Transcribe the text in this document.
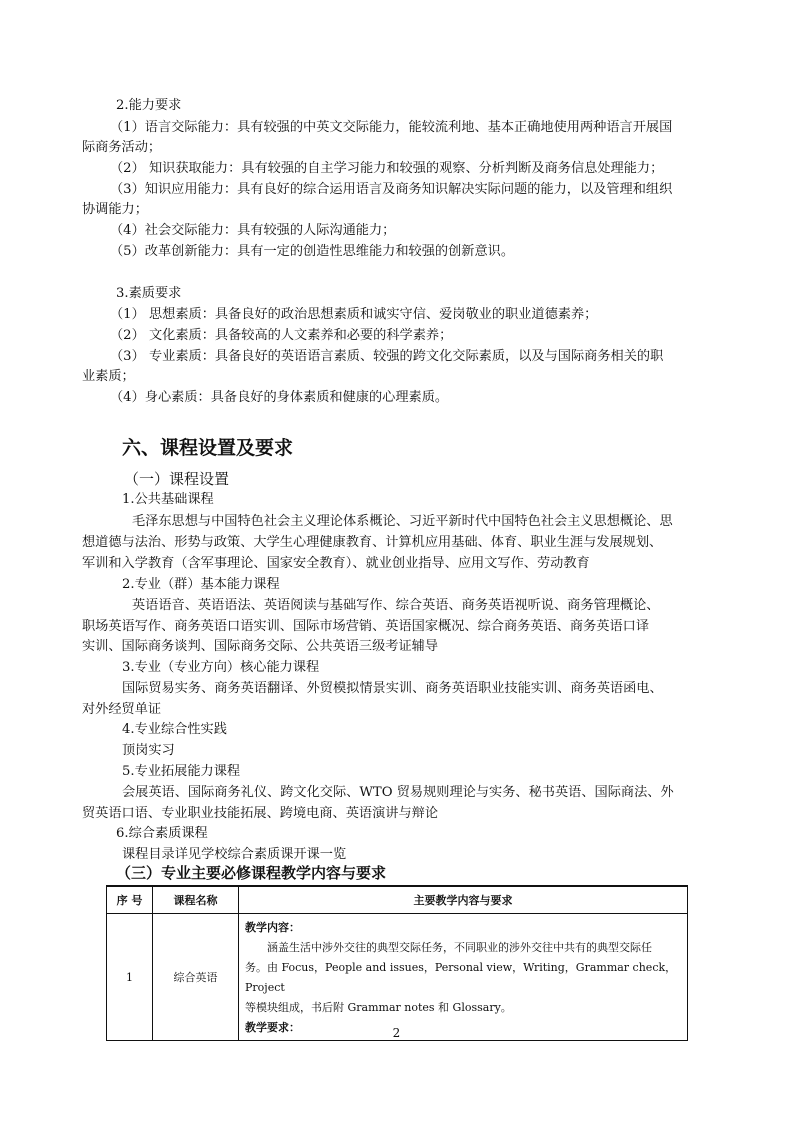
2.能力要求
（1）语言交际能力：具有较强的中英文交际能力，能较流利地、基本正确地使用两种语言开展国
际商务活动；
（2） 知识获取能力：具有较强的自主学习能力和较强的观察、分析判断及商务信息处理能力；
（3）知识应用能力：具有良好的综合运用语言及商务知识解决实际问题的能力，以及管理和组织
协调能力；
（4）社会交际能力：具有较强的人际沟通能力；
（5）改革创新能力：具有一定的创造性思维能力和较强的创新意识。
3.素质要求
（1） 思想素质：具备良好的政治思想素质和诚实守信、爱岗敬业的职业道德素养；
（2） 文化素质：具备较高的人文素养和必要的科学素养；
（3） 专业素质：具备良好的英语语言素质、较强的跨文化交际素质，以及与国际商务相关的职
业素质；
（4）身心素质：具备良好的身体素质和健康的心理素质。
六、课程设置及要求
（一）课程设置
1.公共基础课程
毛泽东思想与中国特色社会主义理论体系概论、习近平新时代中国特色社会主义思想概论、思
想道德与法治、形势与政策、大学生心理健康教育、计算机应用基础、体育、职业生涯与发展规划、
军训和入学教育（含军事理论、国家安全教育）、就业创业指导、应用文写作、劳动教育
2.专业（群）基本能力课程
英语语音、英语语法、英语阅读与基础写作、综合英语、商务英语视听说、商务管理概论、
职场英语写作、商务英语口语实训、国际市场营销、英语国家概况、综合商务英语、商务英语口译
实训、国际商务谈判、国际商务交际、公共英语三级考证辅导
3.专业（专业方向）核心能力课程
国际贸易实务、商务英语翻译、外贸模拟情景实训、商务英语职业技能实训、商务英语函电、
对外经贸单证
4.专业综合性实践
顶岗实习
5.专业拓展能力课程
会展英语、国际商务礼仪、跨文化交际、WTO 贸易规则理论与实务、秘书英语、国际商法、外
贸英语口语、专业职业技能拓展、跨境电商、英语演讲与辩论
6.综合素质课程
课程目录详见学校综合素质课开课一览
（三）专业主要必修课程教学内容与要求
序 号	课程名称	主要教学内容与要求
1	综合英语	教学内容：
涵盖生活中涉外交往的典型交际任务，不同职业的涉外交往中共有的典型交际任
务。由 Focus，People and issues，Personal view，Writing，Grammar check，Project
等模块组成，书后附 Grammar notes 和 Glossary。
教学要求：	2
